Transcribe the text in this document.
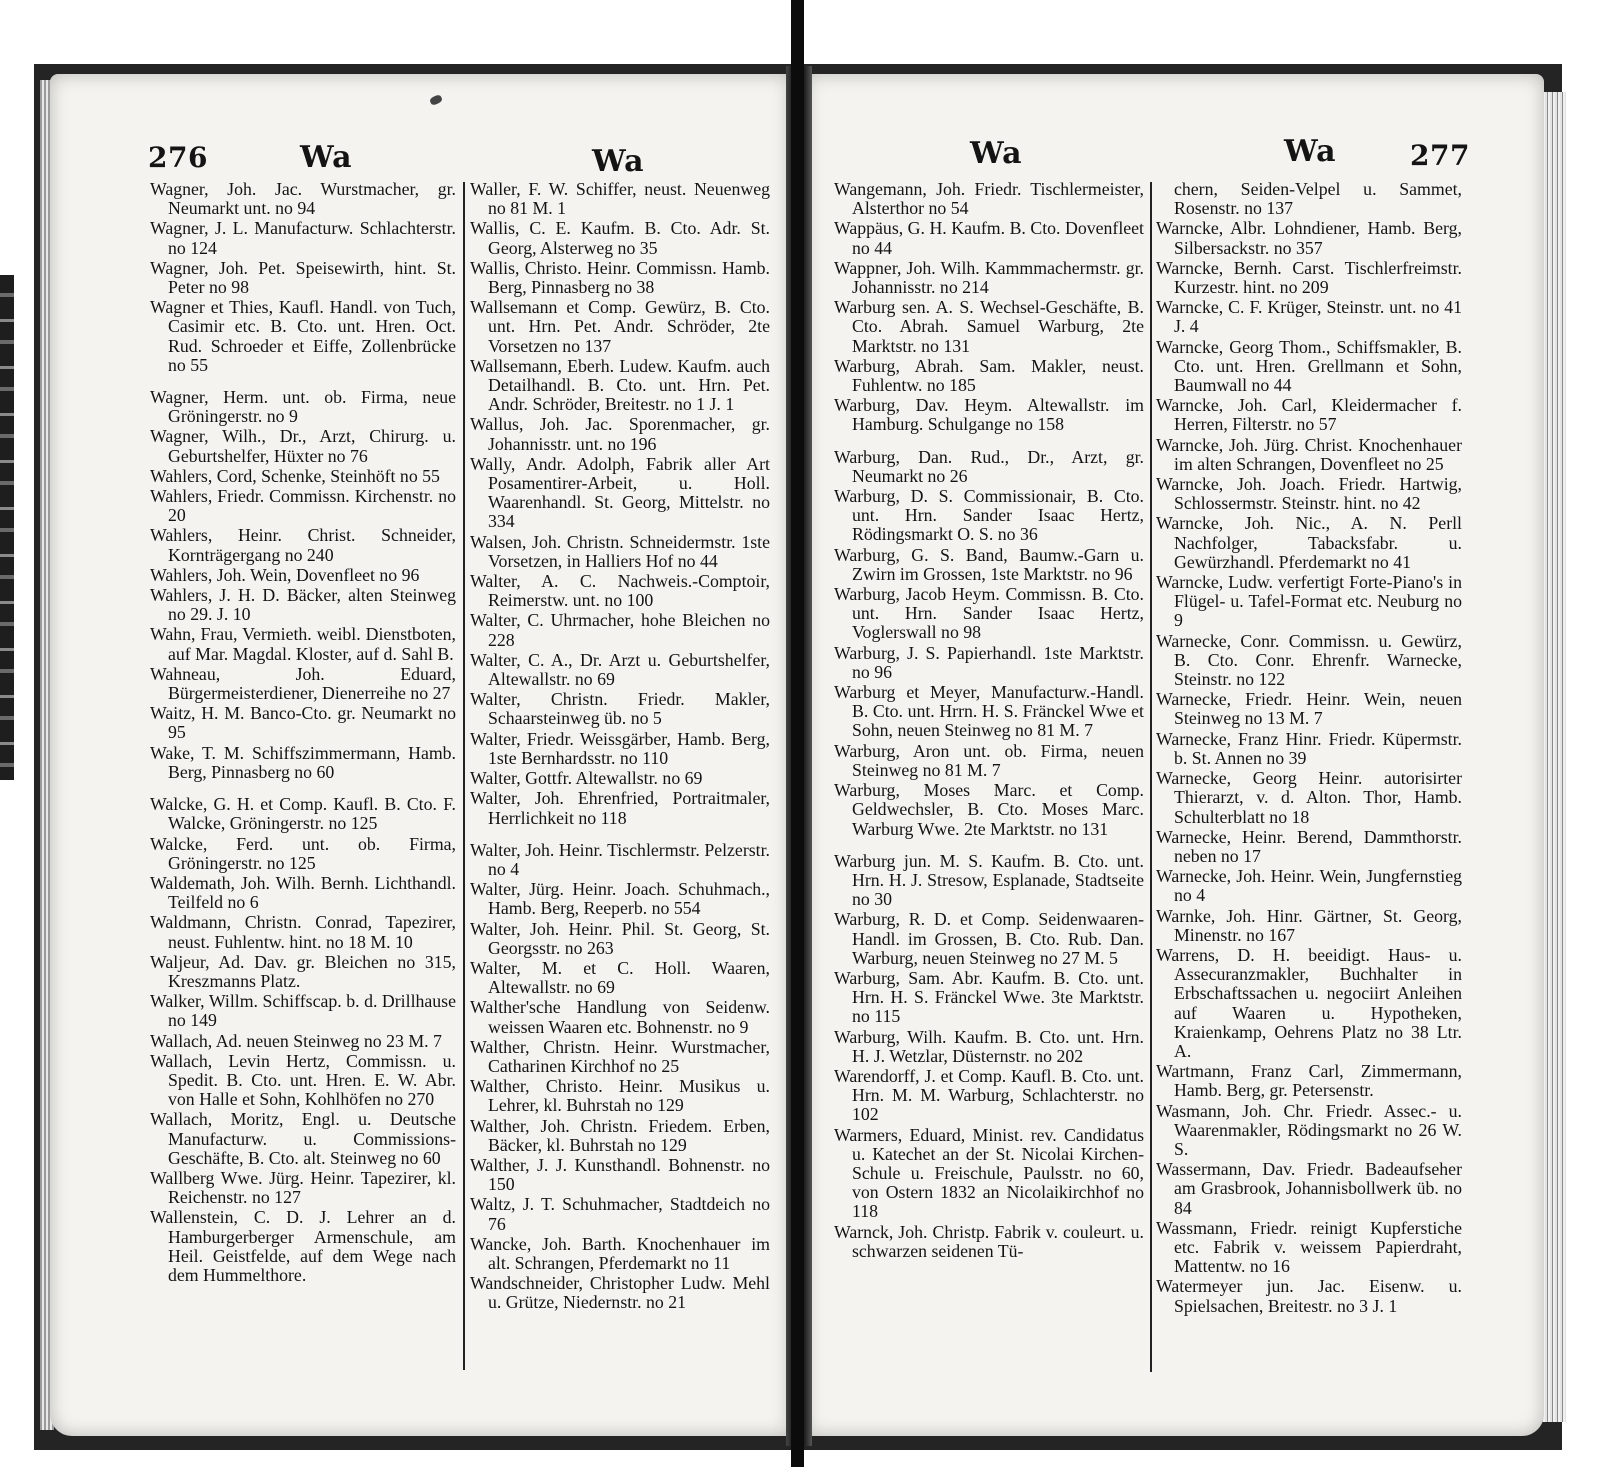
276	Wa	Wa	Wa	Wa	277
Wagner, Joh. Jac. Wurstmacher, gr. Neumarkt unt. no 94
Wagner, J. L. Manufacturw. Schlachterstr. no 124
Wagner, Joh. Pet. Speisewirth, hint. St. Peter no 98
Wagner et Thies, Kaufl. Handl. von Tuch, Casimir etc. B. Cto. unt. Hren. Oct. Rud. Schroeder et Eiffe, Zollenbrücke no 55
Wagner, Herm. unt. ob. Firma, neue Gröningerstr. no 9
Wagner, Wilh., Dr., Arzt, Chirurg. u. Geburtshelfer, Hüxter no 76
Wahlers, Cord, Schenke, Steinhöft no 55
Wahlers, Friedr. Commissn. Kirchenstr. no 20
Wahlers, Heinr. Christ. Schneider, Kornträgergang no 240
Wahlers, Joh. Wein, Dovenfleet no 96
Wahlers, J. H. D. Bäcker, alten Steinweg no 29. J. 10
Wahn, Frau, Vermieth. weibl. Dienstboten, auf Mar. Magdal. Kloster, auf d. Sahl B.
Wahneau, Joh. Eduard, Bürgermeisterdiener, Dienerreihe no 27
Waitz, H. M. Banco-Cto. gr. Neumarkt no 95
Wake, T. M. Schiffszimmermann, Hamb. Berg, Pinnasberg no 60
Walcke, G. H. et Comp. Kaufl. B. Cto. F. Walcke, Gröningerstr. no 125
Walcke, Ferd. unt. ob. Firma, Gröningerstr. no 125
Waldemath, Joh. Wilh. Bernh. Lichthandl. Teilfeld no 6
Waldmann, Christn. Conrad, Tapezirer, neust. Fuhlentw. hint. no 18 M. 10
Waljeur, Ad. Dav. gr. Bleichen no 315, Kreszmanns Platz.
Walker, Willm. Schiffscap. b. d. Drillhause no 149
Wallach, Ad. neuen Steinweg no 23 M. 7
Wallach, Levin Hertz, Commissn. u. Spedit. B. Cto. unt. Hren. E. W. Abr. von Halle et Sohn, Kohlhöfen no 270
Wallach, Moritz, Engl. u. Deutsche Manufacturw. u. Commissions-Geschäfte, B. Cto. alt. Steinweg no 60
Wallberg Wwe. Jürg. Heinr. Tapezirer, kl. Reichenstr. no 127
Wallenstein, C. D. J. Lehrer an d. Hamburgerberger Armenschule, am Heil. Geistfelde, auf dem Wege nach dem Hummelthore.
Waller, F. W. Schiffer, neust. Neuenweg no 81 M. 1
Wallis, C. E. Kaufm. B. Cto. Adr. St. Georg, Alsterweg no 35
Wallis, Christo. Heinr. Commissn. Hamb. Berg, Pinnasberg no 38
Wallsemann et Comp. Gewürz, B. Cto. unt. Hrn. Pet. Andr. Schröder, 2te Vorsetzen no 137
Wallsemann, Eberh. Ludew. Kaufm. auch Detailhandl. B. Cto. unt. Hrn. Pet. Andr. Schröder, Breitestr. no 1 J. 1
Wallus, Joh. Jac. Sporenmacher, gr. Johannisstr. unt. no 196
Wally, Andr. Adolph, Fabrik aller Art Posamentirer-Arbeit, u. Holl. Waarenhandl. St. Georg, Mittelstr. no 334
Walsen, Joh. Christn. Schneidermstr. 1ste Vorsetzen, in Halliers Hof no 44
Walter, A. C. Nachweis.-Comptoir, Reimerstw. unt. no 100
Walter, C. Uhrmacher, hohe Bleichen no 228
Walter, C. A., Dr. Arzt u. Geburtshelfer, Altewallstr. no 69
Walter, Christn. Friedr. Makler, Schaarsteinweg üb. no 5
Walter, Friedr. Weissgärber, Hamb. Berg, 1ste Bernhardsstr. no 110
Walter, Gottfr. Altewallstr. no 69
Walter, Joh. Ehrenfried, Portraitmaler, Herrlichkeit no 118
Walter, Joh. Heinr. Tischlermstr. Pelzerstr. no 4
Walter, Jürg. Heinr. Joach. Schuhmach., Hamb. Berg, Reeperb. no 554
Walter, Joh. Heinr. Phil. St. Georg, St. Georgsstr. no 263
Walter, M. et C. Holl. Waaren, Altewallstr. no 69
Walther'sche Handlung von Seidenw. weissen Waaren etc. Bohnenstr. no 9
Walther, Christn. Heinr. Wurstmacher, Catharinen Kirchhof no 25
Walther, Christo. Heinr. Musikus u. Lehrer, kl. Buhrstah no 129
Walther, Joh. Christn. Friedem. Erben, Bäcker, kl. Buhrstah no 129
Walther, J. J. Kunsthandl. Bohnenstr. no 150
Waltz, J. T. Schuhmacher, Stadtdeich no 76
Wancke, Joh. Barth. Knochenhauer im alt. Schrangen, Pferdemarkt no 11
Wandschneider, Christopher Ludw. Mehl u. Grütze, Niedernstr. no 21
Wangemann, Joh. Friedr. Tischlermeister, Alsterthor no 54
Wappäus, G. H. Kaufm. B. Cto. Dovenfleet no 44
Wappner, Joh. Wilh. Kammmachermstr. gr. Johannisstr. no 214
Warburg sen. A. S. Wechsel-Geschäfte, B. Cto. Abrah. Samuel Warburg, 2te Marktstr. no 131
Warburg, Abrah. Sam. Makler, neust. Fuhlentw. no 185
Warburg, Dav. Heym. Altewallstr. im Hamburg. Schulgange no 158
Warburg, Dan. Rud., Dr., Arzt, gr. Neumarkt no 26
Warburg, D. S. Commissionair, B. Cto. unt. Hrn. Sander Isaac Hertz, Rödingsmarkt O. S. no 36
Warburg, G. S. Band, Baumw.-Garn u. Zwirn im Grossen, 1ste Marktstr. no 96
Warburg, Jacob Heym. Commissn. B. Cto. unt. Hrn. Sander Isaac Hertz, Voglerswall no 98
Warburg, J. S. Papierhandl. 1ste Marktstr. no 96
Warburg et Meyer, Manufacturw.-Handl. B. Cto. unt. Hrrn. H. S. Fränckel Wwe et Sohn, neuen Steinweg no 81 M. 7
Warburg, Aron unt. ob. Firma, neuen Steinweg no 81 M. 7
Warburg, Moses Marc. et Comp. Geldwechsler, B. Cto. Moses Marc. Warburg Wwe. 2te Marktstr. no 131
Warburg jun. M. S. Kaufm. B. Cto. unt. Hrn. H. J. Stresow, Esplanade, Stadtseite no 30
Warburg, R. D. et Comp. Seidenwaaren-Handl. im Grossen, B. Cto. Rub. Dan. Warburg, neuen Steinweg no 27 M. 5
Warburg, Sam. Abr. Kaufm. B. Cto. unt. Hrn. H. S. Fränckel Wwe. 3te Marktstr. no 115
Warburg, Wilh. Kaufm. B. Cto. unt. Hrn. H. J. Wetzlar, Düsternstr. no 202
Warendorff, J. et Comp. Kaufl. B. Cto. unt. Hrn. M. M. Warburg, Schlachterstr. no 102
Warmers, Eduard, Minist. rev. Candidatus u. Katechet an der St. Nicolai Kirchen-Schule u. Freischule, Paulsstr. no 60, von Ostern 1832 an Nicolaikirchhof no 118
Warnck, Joh. Christp. Fabrik v. coulеurt. u. schwarzen seidenen Tü-
chern, Seiden-Velpel u. Sammet, Rosenstr. no 137
Warncke, Albr. Lohndiener, Hamb. Berg, Silbersackstr. no 357
Warncke, Bernh. Carst. Tischlerfreimstr. Kurzestr. hint. no 209
Warncke, C. F. Krüger, Steinstr. unt. no 41 J. 4
Warncke, Georg Thom., Schiffsmakler, B. Cto. unt. Hren. Grellmann et Sohn, Baumwall no 44
Warncke, Joh. Carl, Kleidermacher f. Herren, Filterstr. no 57
Warncke, Joh. Jürg. Christ. Knochenhauer im alten Schrangen, Dovenfleet no 25
Warncke, Joh. Joach. Friedr. Hartwig, Schlossermstr. Steinstr. hint. no 42
Warncke, Joh. Nic., A. N. Perll Nachfolger, Tabacksfabr. u. Gewürzhandl. Pferdemarkt no 41
Warncke, Ludw. verfertigt Forte-Piano's in Flügel- u. Tafel-Format etc. Neuburg no 9
Warnecke, Conr. Commissn. u. Gewürz, B. Cto. Conr. Ehrenfr. Warnecke, Steinstr. no 122
Warnecke, Friedr. Heinr. Wein, neuen Steinweg no 13 M. 7
Warnecke, Franz Hinr. Friedr. Küpermstr. b. St. Annen no 39
Warnecke, Georg Heinr. autorisirter Thierarzt, v. d. Alton. Thor, Hamb. Schulterblatt no 18
Warnecke, Heinr. Berend, Dammthorstr. neben no 17
Warnecke, Joh. Heinr. Wein, Jungfernstieg no 4
Warnke, Joh. Hinr. Gärtner, St. Georg, Minenstr. no 167
Warrens, D. H. beeidigt. Haus- u. Assecuranzmakler, Buchhalter in Erbschaftssachen u. negociirt Anleihen auf Waaren u. Hypotheken, Kraienkamp, Oehrens Platz no 38 Ltr. A.
Wartmann, Franz Carl, Zimmermann, Hamb. Berg, gr. Petersenstr.
Wasmann, Joh. Chr. Friedr. Assec.- u. Waarenmakler, Rödingsmarkt no 26 W. S.
Wassermann, Dav. Friedr. Badeaufseher am Grasbrook, Johannisbollwerk üb. no 84
Wassmann, Friedr. reinigt Kupferstiche etc. Fabrik v. weissem Papierdraht, Mattentw. no 16
Watermeyer jun. Jac. Eisenw. u. Spielsachen, Breitestr. no 3 J. 1
